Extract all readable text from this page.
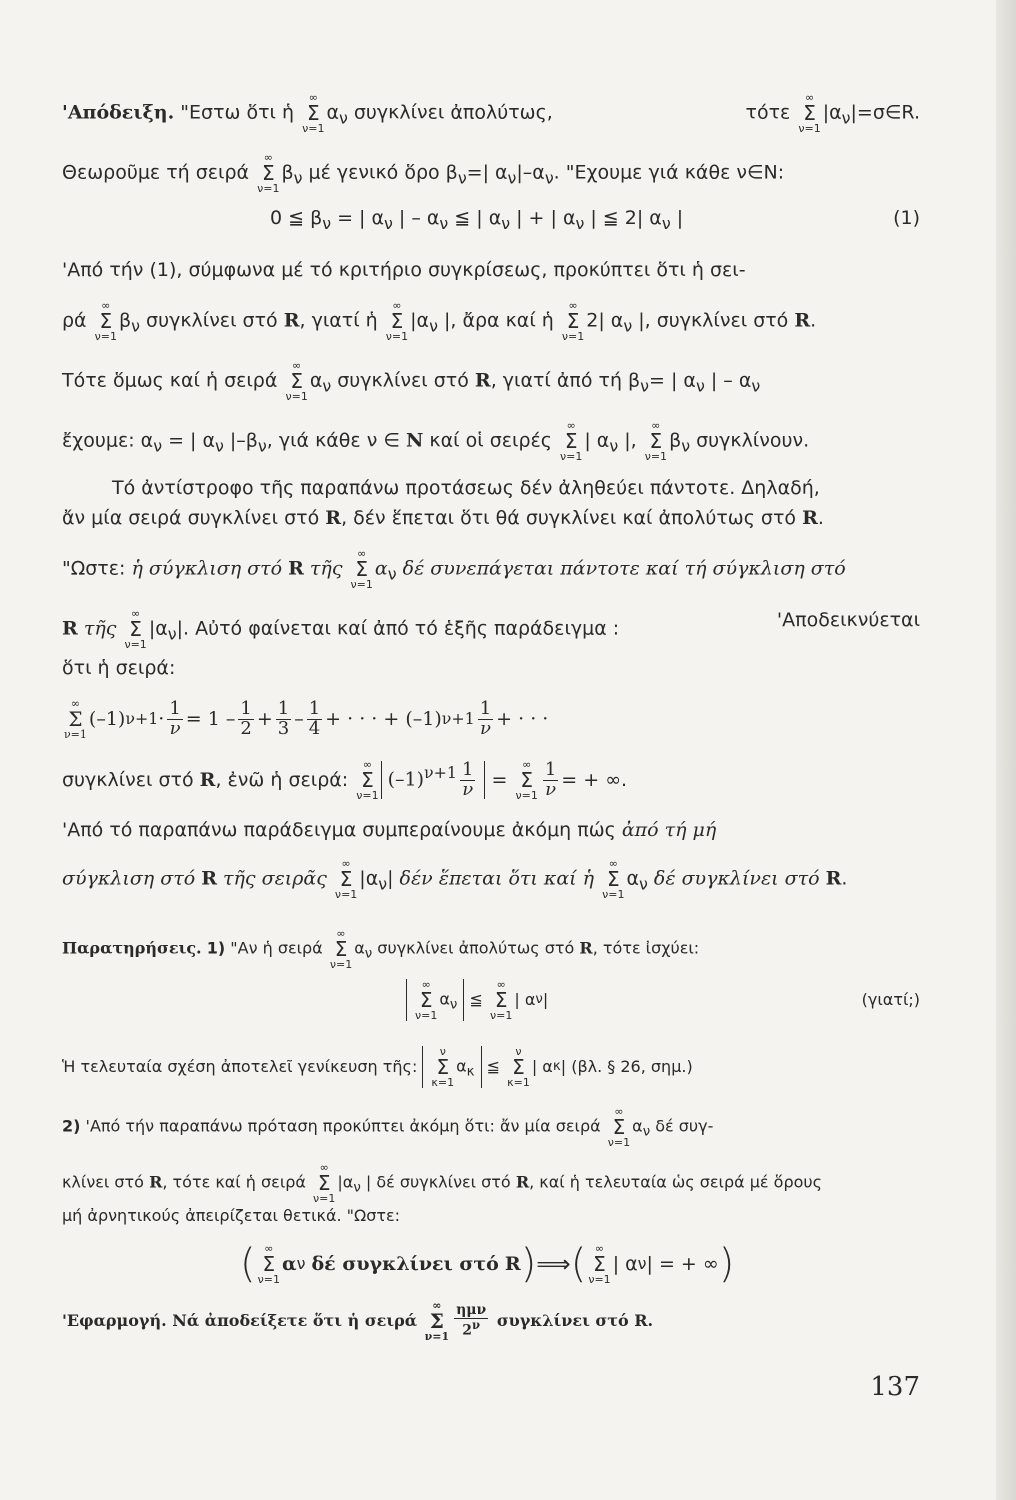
'Απόδειξη. "Εστω ὅτι ἡ
∞
Σ
ν=1
$\alpha_\nu$ συγκλίνει ἀπολύτως,	τότε
∞
Σ
ν=1
$|\alpha_\nu|=\sigma\in R$.
Θεωροῦμε τή σειρά
∞
Σ
ν=1
$\beta_\nu$ μέ γενικό ὅρο $\beta_\nu=|$ $\alpha_\nu|-\alpha_\nu$. "Εχουμε γιά κάθε ν∈N:
0 ≦ $\beta_\nu$ = | $\alpha_\nu$ | – $\alpha_\nu$ ≦ | $\alpha_\nu$ | + | $\alpha_\nu$ | ≦ 2| $\alpha_\nu$ |	(1)
'Από τήν (1), σύμφωνα μέ τό κριτήριο συγκρίσεως, προκύπτει ὅτι ἡ σει-
ρά
∞
Σ
ν=1
$\beta_\nu$ συγκλίνει στό R, γιατί ἡ
∞
Σ
ν=1
$|\alpha_\nu$ |, ἄρα καί ἡ
∞
Σ
ν=1
2| $\alpha_\nu$ |, συγκλίνει στό R.
Τότε ὅμως καί ἡ σειρά
∞
Σ
ν=1
$\alpha_\nu$ συγκλίνει στό R, γιατί ἀπό τή $\beta_\nu=$ | $\alpha_\nu$ | – $\alpha_\nu$
ἔχουμε: $\alpha_\nu$ = | $\alpha_\nu$ $|-\beta_\nu$, γιά κάθε ν ∈ N καί οἱ σειρές
∞
Σ
ν=1
| $\alpha_\nu$ |,
∞
Σ
ν=1
$\beta_\nu$ συγκλίνουν.
Τό ἀντίστροφο τῆς παραπάνω προτάσεως δέν ἀληθεύει πάντοτε. Δηλαδή,
ἄν μία σειρά συγκλίνει στό R, δέν ἕπεται ὅτι θά συγκλίνει καί ἀπολύτως στό R.
"Ωστε: ἡ σύγκλιση στό R τῆς
∞
Σ
ν=1
$\alpha_\nu$ δέ συνεπάγεται πάντοτε καί τή σύγκλιση στό
R τῆς
∞
Σ
ν=1
$|\alpha_\nu|$. Αὐτό φαίνεται καί ἀπό τό ἑξῆς παράδειγμα :	'Αποδεικνύεται
ὅτι ἡ σειρά:
∞
Σ
ν=1
(–1) $\nu+1 \cdot \frac{1}{\nu} = 1 - \frac{1}{2} + \frac{1}{3} - \frac{1}{4}$ + · · · + (–1) $\nu+1 \frac{1}{\nu}$ + · · ·
συγκλίνει στό
R , ἐνῶ ἡ σειρά:

∞
Σ
ν=1
$(-1)^{\nu+1} \frac{1}{\nu}$
=

∞
Σ
$\nu=1 \frac{1}{\nu}$ = + ∞.
'Από τό παραπάνω παράδειγμα συμπεραίνουμε ἀκόμη πώς ἀπό τή μή
σύγκλιση στό R τῆς σειρᾶς
∞
Σ
ν=1
$|\alpha_\nu|$ δέν ἕπεται ὅτι καί ἡ
∞
Σ
ν=1
$\alpha_\nu$ δέ συγκλίνει στό R.
Παρατηρήσεις. 1) "Αν ἡ σειρά
∞
Σ
ν=1
$\alpha_\nu$ συγκλίνει ἀπολύτως στό R, τότε ἰσχύει:
∞
Σ
ν=1
$\alpha_\nu$
≦

∞
Σ
ν=1
| α ν |	(γιατί;)
Ἡ τελευταία σχέση ἀποτελεῖ γενίκευση τῆς:

ν
Σ
κ=1
$\alpha_\kappa$
≦

ν
Σ
κ=1
| α κ | (βλ. § 26, σημ.)
2) 'Από τήν παραπάνω πρόταση προκύπτει ἀκόμη ὅτι: ἄν μία σειρά
∞
Σ
ν=1
$\alpha_\nu$ δέ συγ-
κλίνει στό R, τότε καί ἡ σειρά
∞
Σ
ν=1
$|\alpha_\nu$ | δέ συγκλίνει στό R, καί ἡ τελευταία ὡς σειρά μέ ὅρους
μή ἀρνητικούς ἀπειρίζεται θετικά. "Ωστε:
( ∞
Σ
ν=1
α ν
δέ συγκλίνει στό
R ) ⟹ ( ∞
Σ
ν=1
| α ν | = + ∞ )
'Εφαρμογή.
Νά ἀποδείξετε ὅτι ἡ σειρά

∞
Σ
$\nu=1 \frac{\text{ημν}}{2^\nu}$
συγκλίνει στό
R .
137
